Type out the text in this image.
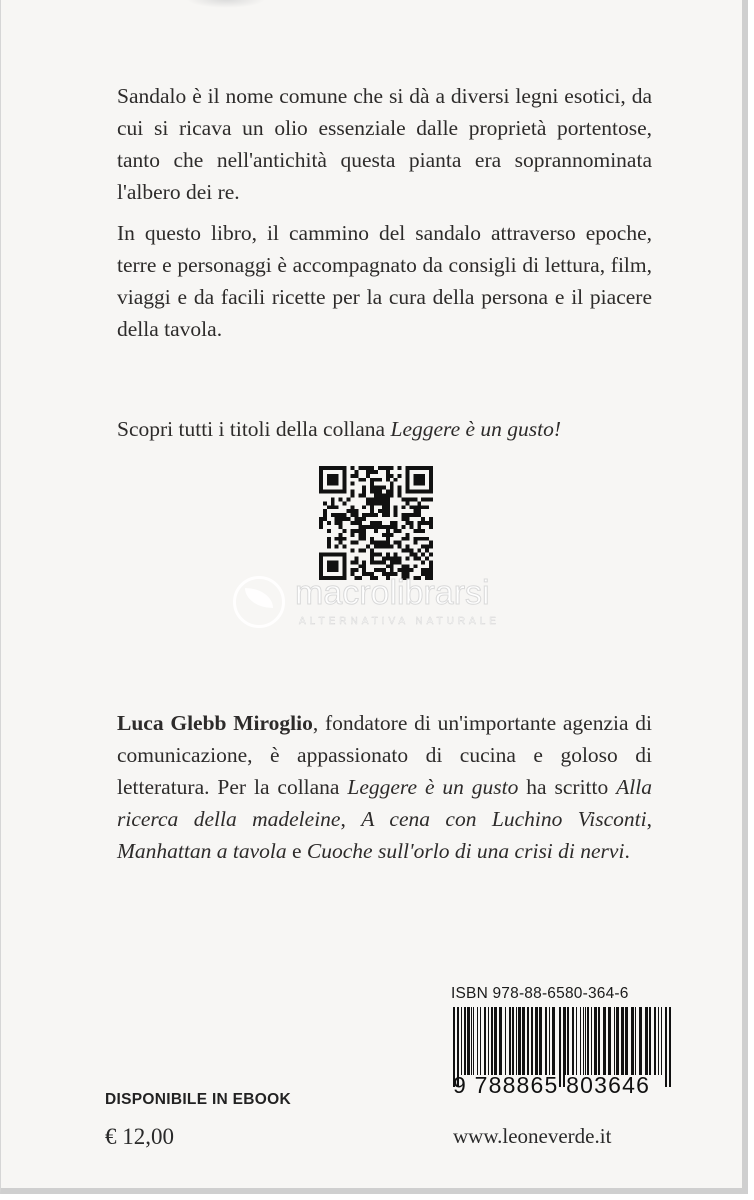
Sandalo è il nome comune che si dà a diversi legni esotici, da cui si ricava un olio essenziale dalle proprietà portentose, tanto che nell'antichità questa pianta era soprannominata l'albero dei re.

In questo libro, il cammino del sandalo attraverso epoche, terre e personaggi è accompagnato da consigli di lettura, film, viaggi e da facili ricette per la cura della persona e il piacere della tavola.

Scopri tutti i titoli della collana Leggere è un gusto!

macrolibrarsi
ALTERNATIVA NATURALE

Luca Glebb Miroglio, fondatore di un'importante agenzia di comunicazione, è appassionato di cucina e goloso di letteratura. Per la collana Leggere è un gusto ha scritto Alla ricerca della madeleine, A cena con Luchino Visconti, Manhattan a tavola e Cuoche sull'orlo di una crisi di nervi.

ISBN 978-88-6580-364-6
9 788865 803646
DISPONIBILE IN EBOOK
€ 12,00	www.leoneverde.it
